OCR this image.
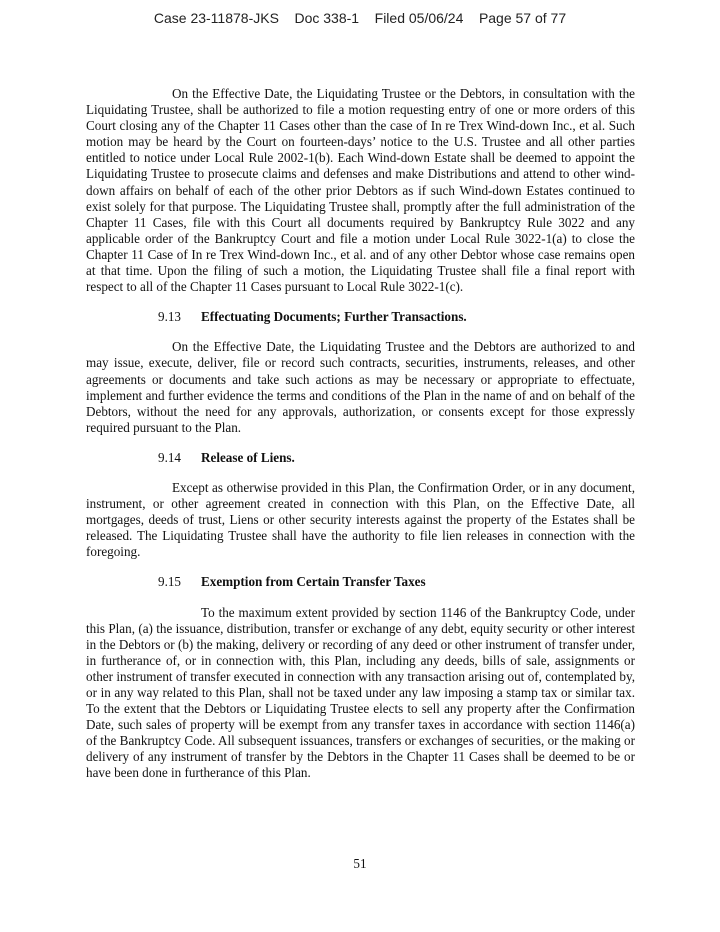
Case 23-11878-JKS Doc 338-1 Filed 05/06/24 Page 57 of 77

On the Effective Date, the Liquidating Trustee or the Debtors, in consultation with the Liquidating Trustee, shall be authorized to file a motion requesting entry of one or more orders of this Court closing any of the Chapter 11 Cases other than the case of In re Trex Wind-down Inc., et al. Such motion may be heard by the Court on fourteen-days’ notice to the U.S. Trustee and all other parties entitled to notice under Local Rule 2002-1(b). Each Wind-down Estate shall be deemed to appoint the Liquidating Trustee to prosecute claims and defenses and make Distributions and attend to other wind-down affairs on behalf of each of the other prior Debtors as if such Wind-down Estates continued to exist solely for that purpose. The Liquidating Trustee shall, promptly after the full administration of the Chapter 11 Cases, file with this Court all documents required by Bankruptcy Rule 3022 and any applicable order of the Bankruptcy Court and file a motion under Local Rule 3022-1(a) to close the Chapter 11 Case of In re Trex Wind-down Inc., et al. and of any other Debtor whose case remains open at that time. Upon the filing of such a motion, the Liquidating Trustee shall file a final report with respect to all of the Chapter 11 Cases pursuant to Local Rule 3022-1(c).

9.13 Effectuating Documents; Further Transactions.

On the Effective Date, the Liquidating Trustee and the Debtors are authorized to and may issue, execute, deliver, file or record such contracts, securities, instruments, releases, and other agreements or documents and take such actions as may be necessary or appropriate to effectuate, implement and further evidence the terms and conditions of the Plan in the name of and on behalf of the Debtors, without the need for any approvals, authorization, or consents except for those expressly required pursuant to the Plan.

9.14 Release of Liens.

Except as otherwise provided in this Plan, the Confirmation Order, or in any document, instrument, or other agreement created in connection with this Plan, on the Effective Date, all mortgages, deeds of trust, Liens or other security interests against the property of the Estates shall be released. The Liquidating Trustee shall have the authority to file lien releases in connection with the foregoing.

9.15 Exemption from Certain Transfer Taxes

To the maximum extent provided by section 1146 of the Bankruptcy Code, under this Plan, (a) the issuance, distribution, transfer or exchange of any debt, equity security or other interest in the Debtors or (b) the making, delivery or recording of any deed or other instrument of transfer under, in furtherance of, or in connection with, this Plan, including any deeds, bills of sale, assignments or other instrument of transfer executed in connection with any transaction arising out of, contemplated by, or in any way related to this Plan, shall not be taxed under any law imposing a stamp tax or similar tax. To the extent that the Debtors or Liquidating Trustee elects to sell any property after the Confirmation Date, such sales of property will be exempt from any transfer taxes in accordance with section 1146(a) of the Bankruptcy Code. All subsequent issuances, transfers or exchanges of securities, or the making or delivery of any instrument of transfer by the Debtors in the Chapter 11 Cases shall be deemed to be or have been done in furtherance of this Plan.

51
